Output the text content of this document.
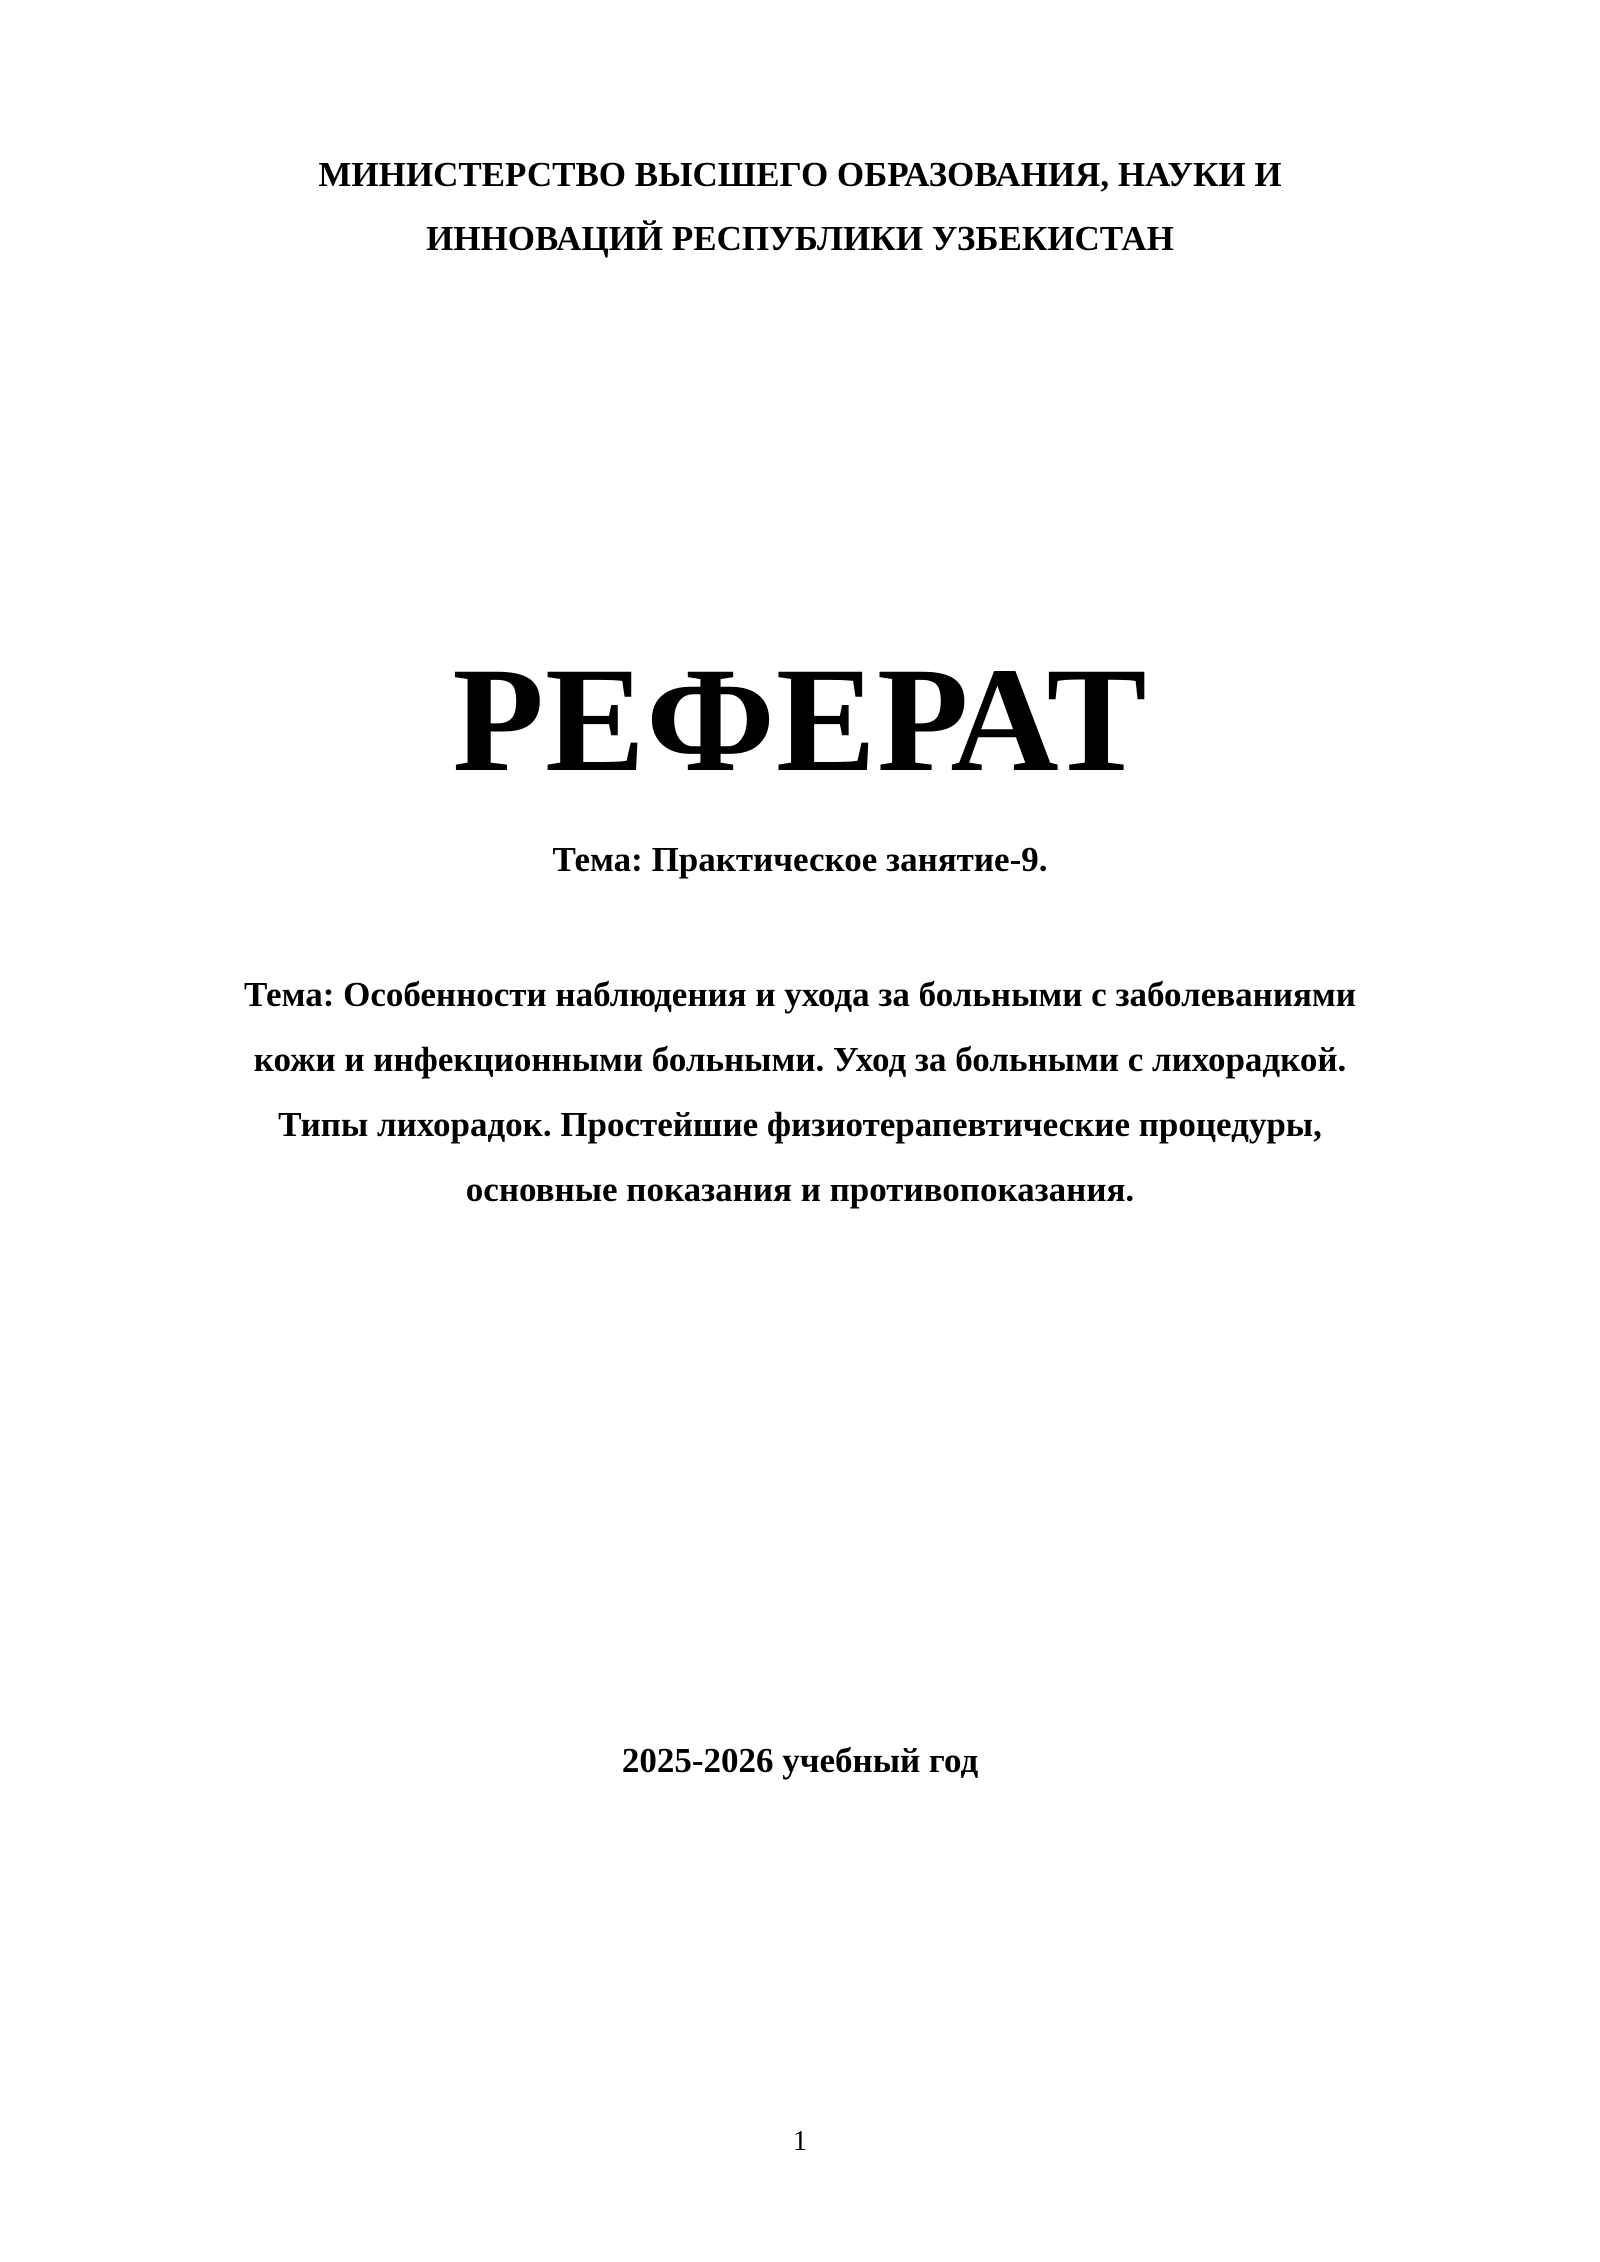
МИНИСТЕРСТВО ВЫСШЕГО ОБРАЗОВАНИЯ, НАУКИ И
ИННОВАЦИЙ РЕСПУБЛИКИ УЗБЕКИСТАН
РЕФЕРАТ
Тема: Практическое занятие-9.
Тема: Особенности наблюдения и ухода за больными с заболеваниями
кожи и инфекционными больными. Уход за больными с лихорадкой.
Типы лихорадок. Простейшие физиотерапевтические процедуры,
основные показания и противопоказания.
2025-2026 учебный год
1
